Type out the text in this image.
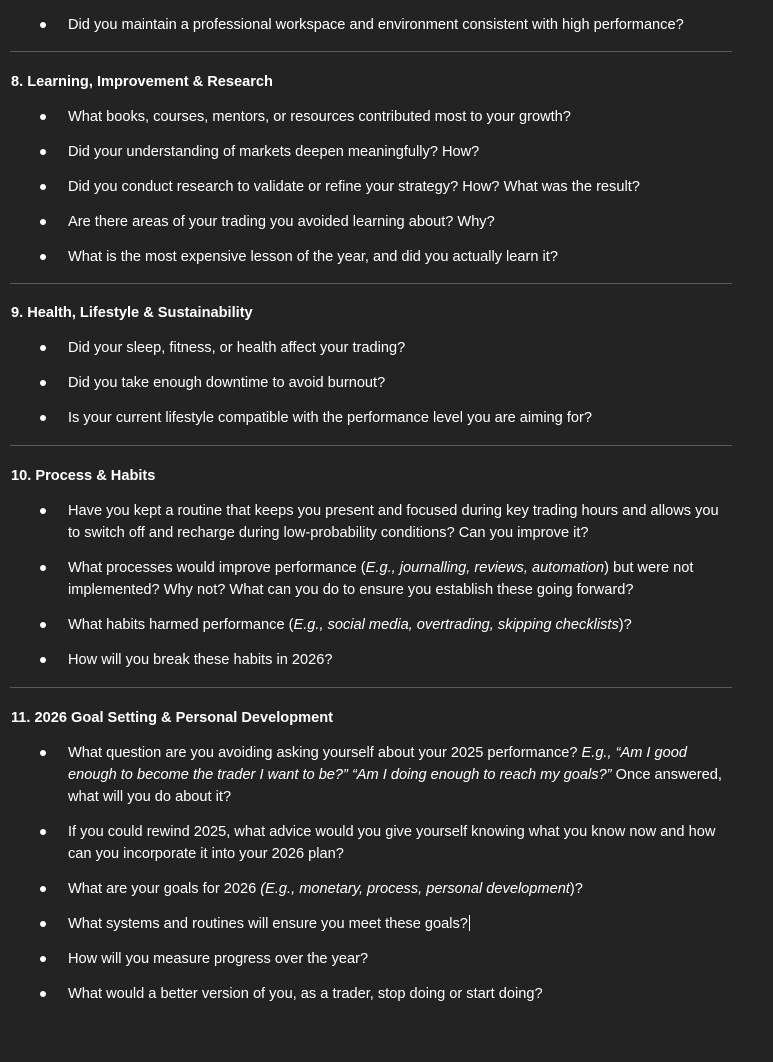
Did you maintain a professional workspace and environment consistent with high performance?
8. Learning, Improvement & Research
What books, courses, mentors, or resources contributed most to your growth?
Did your understanding of markets deepen meaningfully? How?
Did you conduct research to validate or refine your strategy? How? What was the result?
Are there areas of your trading you avoided learning about? Why?
What is the most expensive lesson of the year, and did you actually learn it?
9. Health, Lifestyle & Sustainability
Did your sleep, fitness, or health affect your trading?
Did you take enough downtime to avoid burnout?
Is your current lifestyle compatible with the performance level you are aiming for?
10. Process & Habits
Have you kept a routine that keeps you present and focused during key trading hours and allows you to switch off and recharge during low-probability conditions? Can you improve it?
What processes would improve performance (E.g., journalling, reviews, automation) but were not implemented? Why not? What can you do to ensure you establish these going forward?
What habits harmed performance (E.g., social media, overtrading, skipping checklists)?
How will you break these habits in 2026?
11. 2026 Goal Setting & Personal Development
What question are you avoiding asking yourself about your 2025 performance? E.g., “Am I good enough to become the trader I want to be?” “Am I doing enough to reach my goals?” Once answered, what will you do about it?
If you could rewind 2025, what advice would you give yourself knowing what you know now and how can you incorporate it into your 2026 plan?
What are your goals for 2026 (E.g., monetary, process, personal development)?
What systems and routines will ensure you meet these goals?
How will you measure progress over the year?
What would a better version of you, as a trader, stop doing or start doing?
